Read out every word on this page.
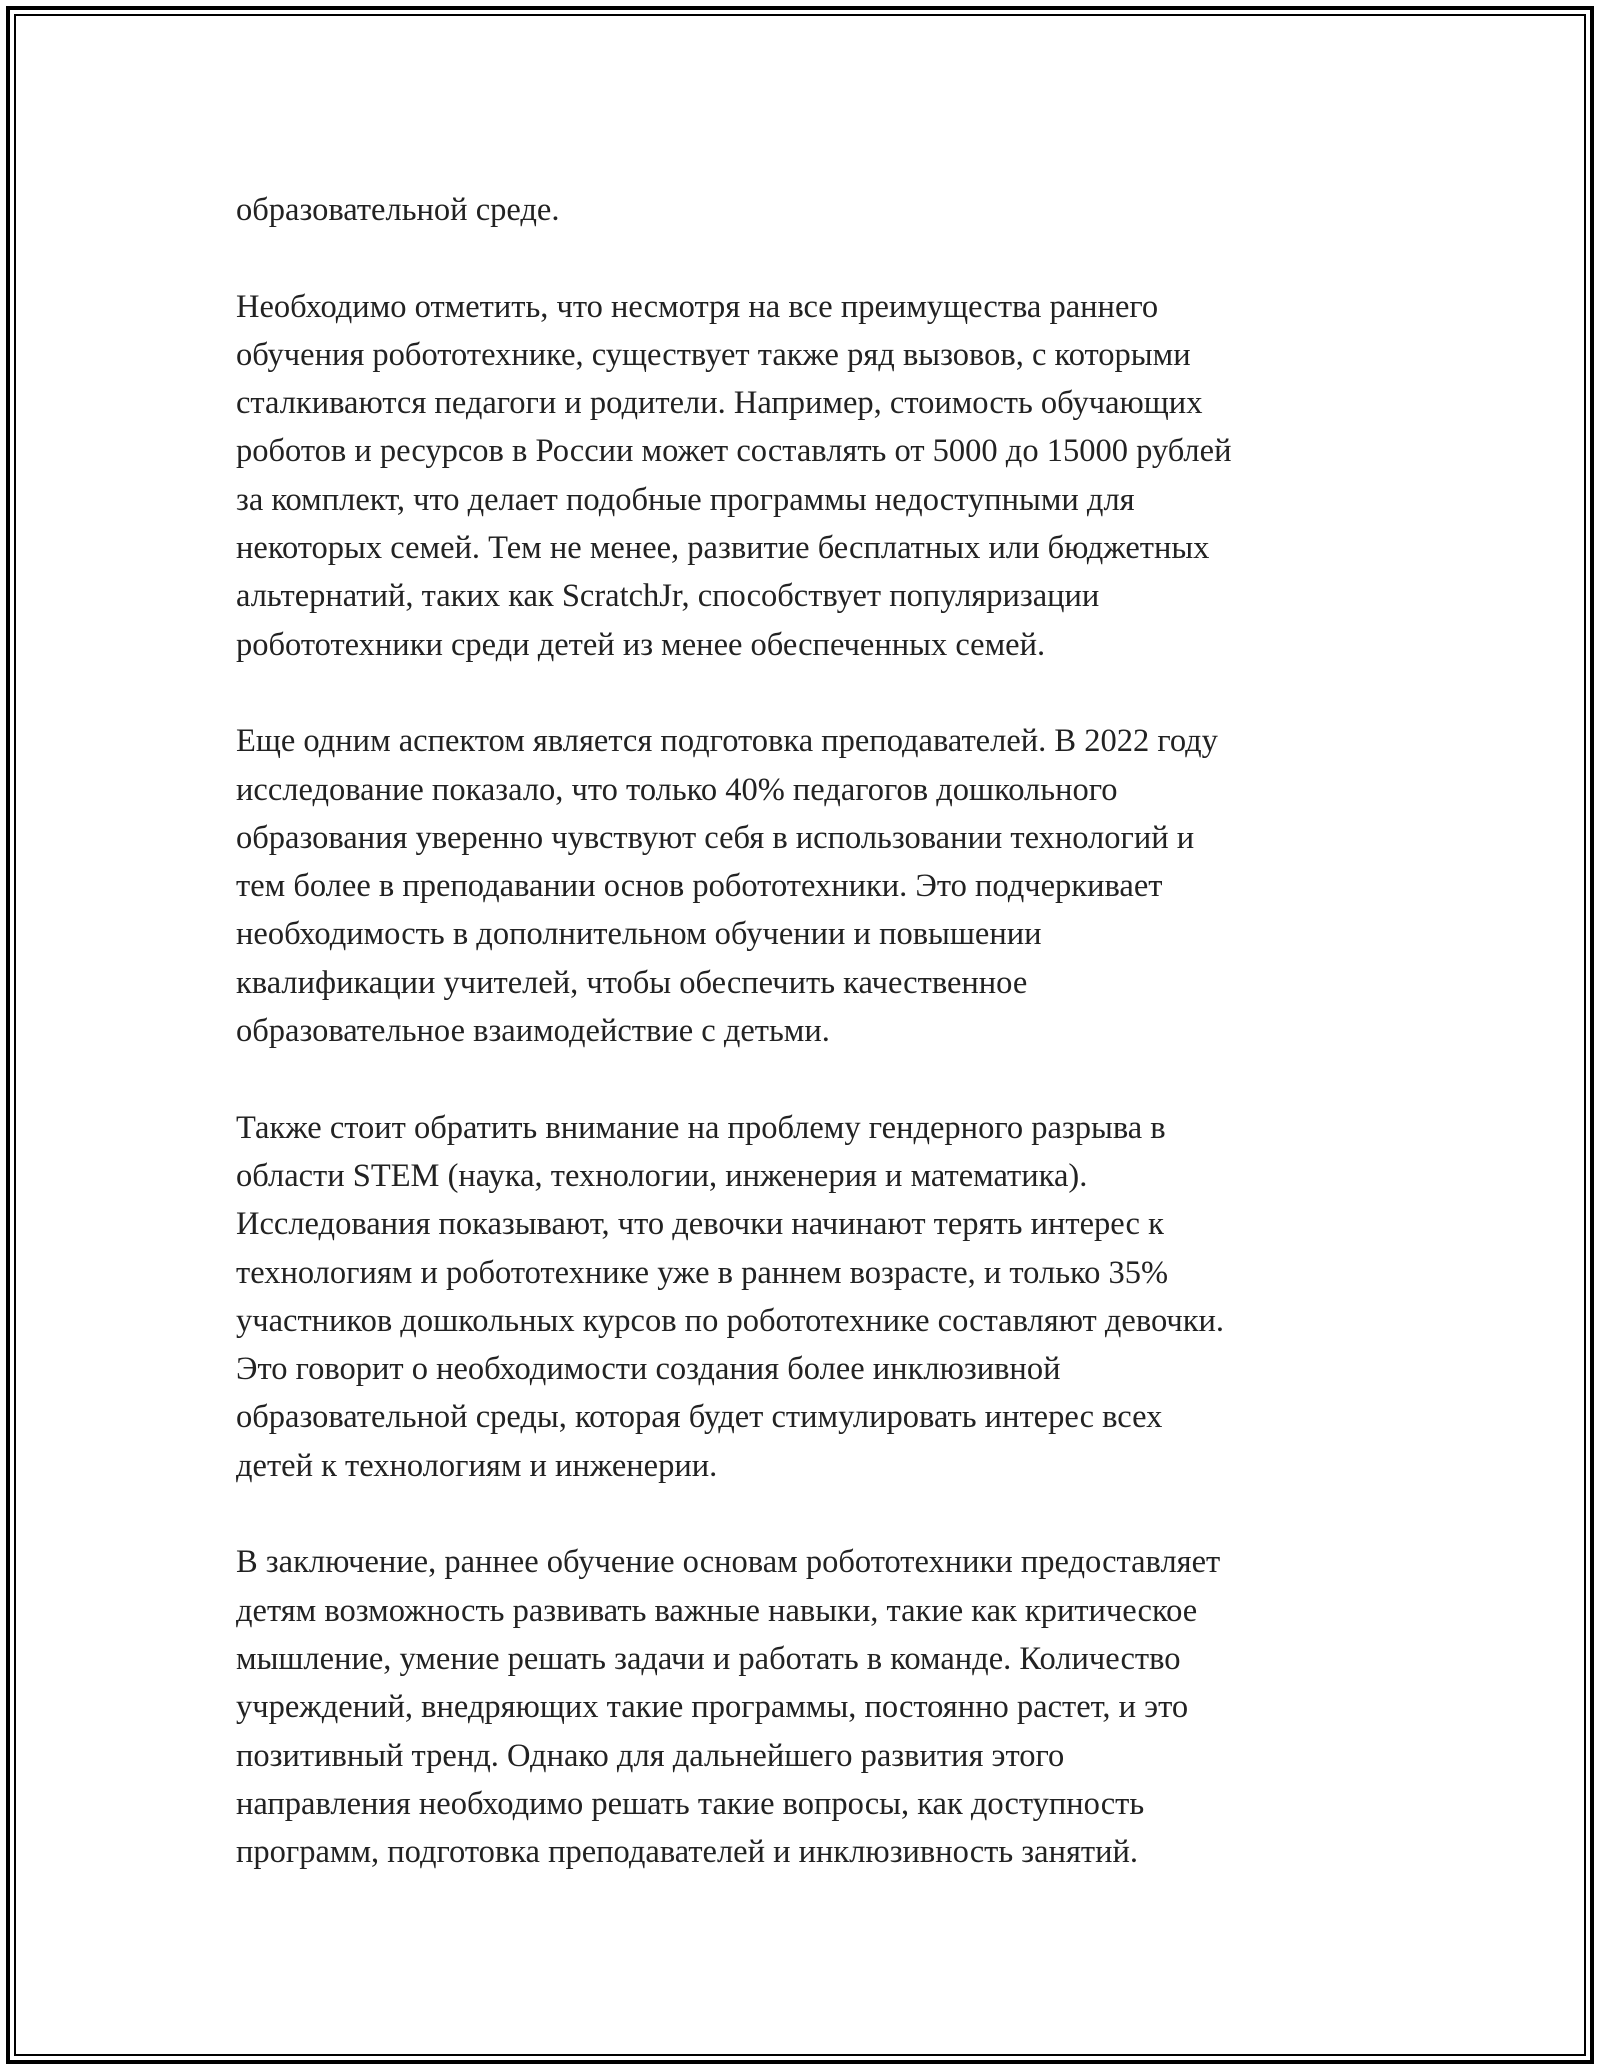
образовательной среде.

Необходимо отметить, что несмотря на все преимущества раннего
обучения робототехнике, существует также ряд вызовов, с которыми
сталкиваются педагоги и родители. Например, стоимость обучающих
роботов и ресурсов в России может составлять от 5000 до 15000 рублей
за комплект, что делает подобные программы недоступными для
некоторых семей. Тем не менее, развитие бесплатных или бюджетных
альтернатий, таких как ScratchJr, способствует популяризации
робототехники среди детей из менее обеспеченных семей.

Еще одним аспектом является подготовка преподавателей. В 2022 году
исследование показало, что только 40% педагогов дошкольного
образования уверенно чувствуют себя в использовании технологий и
тем более в преподавании основ робототехники. Это подчеркивает
необходимость в дополнительном обучении и повышении
квалификации учителей, чтобы обеспечить качественное
образовательное взаимодействие с детьми.

Также стоит обратить внимание на проблему гендерного разрыва в
области STEM (наука, технологии, инженерия и математика).
Исследования показывают, что девочки начинают терять интерес к
технологиям и робототехнике уже в раннем возрасте, и только 35%
участников дошкольных курсов по робототехнике составляют девочки.
Это говорит о необходимости создания более инклюзивной
образовательной среды, которая будет стимулировать интерес всех
детей к технологиям и инженерии.

В заключение, раннее обучение основам робототехники предоставляет
детям возможность развивать важные навыки, такие как критическое
мышление, умение решать задачи и работать в команде. Количество
учреждений, внедряющих такие программы, постоянно растет, и это
позитивный тренд. Однако для дальнейшего развития этого
направления необходимо решать такие вопросы, как доступность
программ, подготовка преподавателей и инклюзивность занятий.
